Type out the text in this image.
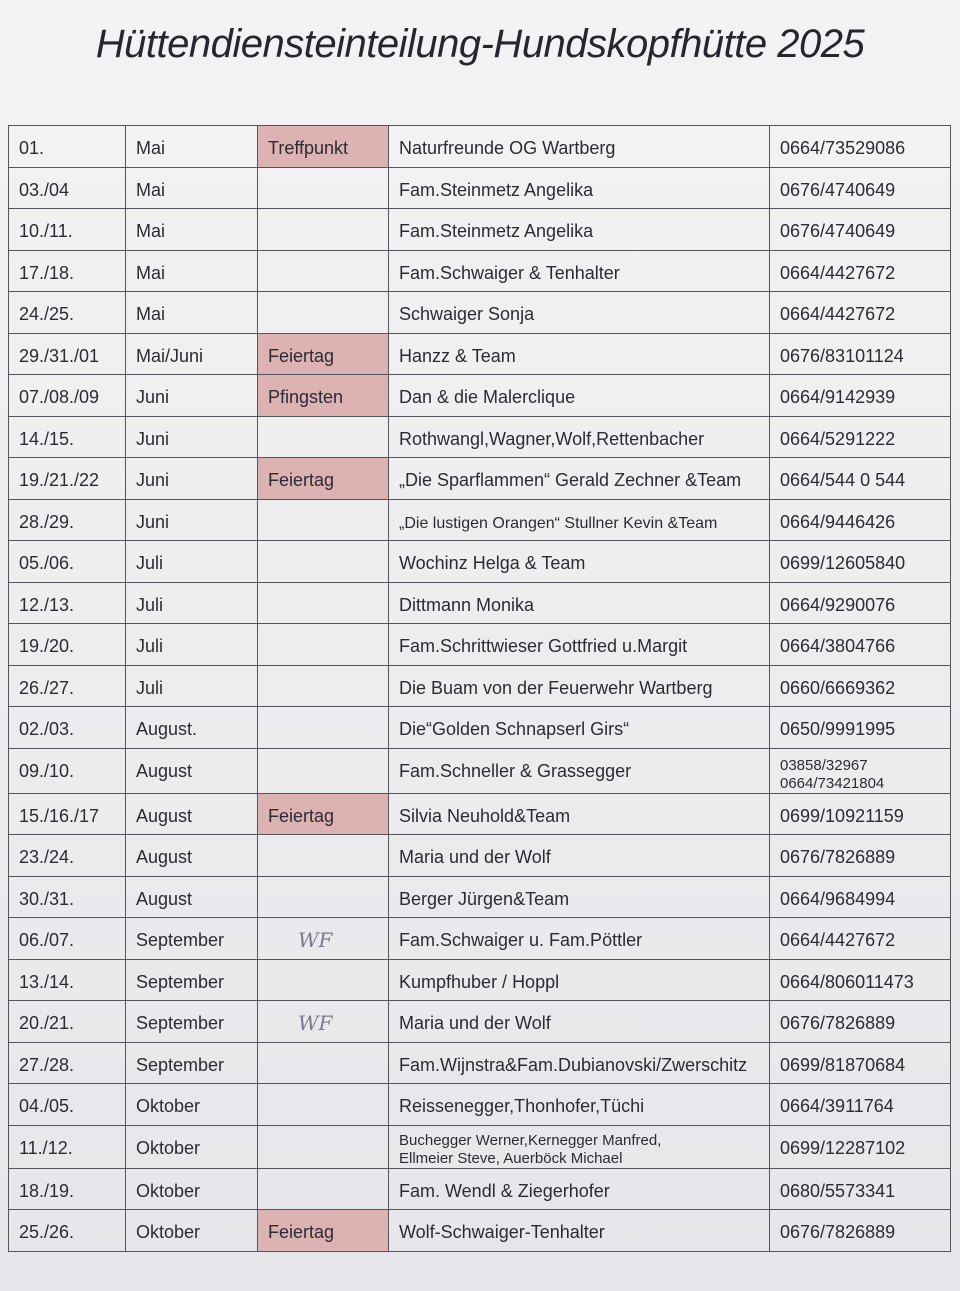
Hüttendiensteinteilung-Hundskopfhütte 2025
01.	Mai	Treffpunkt	Naturfreunde OG Wartberg	0664/73529086
03./04	Mai		Fam.Steinmetz Angelika	0676/4740649
10./11.	Mai		Fam.Steinmetz Angelika	0676/4740649
17./18.	Mai		Fam.Schwaiger & Tenhalter	0664/4427672
24./25.	Mai		Schwaiger Sonja	0664/4427672
29./31./01	Mai/Juni	Feiertag	Hanzz & Team	0676/83101124
07./08./09	Juni	Pfingsten	Dan & die Malerclique	0664/9142939
14./15.	Juni		Rothwangl,Wagner,Wolf,Rettenbacher	0664/5291222
19./21./22	Juni	Feiertag	„Die Sparflammen“ Gerald Zechner &Team	0664/544 0 544
28./29.	Juni		„Die lustigen Orangen“ Stullner Kevin &Team	0664/9446426
05./06.	Juli		Wochinz Helga & Team	0699/12605840
12./13.	Juli		Dittmann Monika	0664/9290076
19./20.	Juli		Fam.Schrittwieser Gottfried u.Margit	0664/3804766
26./27.	Juli		Die Buam von der Feuerwehr Wartberg	0660/6669362
02./03.	August.		Die“Golden Schnapserl Girs“	0650/9991995
09./10.	August		Fam.Schneller & Grassegger	03858/32967
0664/73421804

15./16./17	August	Feiertag	Silvia Neuhold&Team	0699/10921159
23./24.	August		Maria und der Wolf	0676/7826889
30./31.	August		Berger Jürgen&Team	0664/9684994
06./07.	September	WF	Fam.Schwaiger u. Fam.Pöttler	0664/4427672
13./14.	September		Kumpfhuber / Hoppl	0664/806011473
20./21.	September	WF	Maria und der Wolf	0676/7826889
27./28.	September		Fam.Wijnstra&Fam.Dubianovski/Zwerschitz	0699/81870684
04./05.	Oktober		Reissenegger,Thonhofer,Tüchi	0664/3911764
11./12.	Oktober		Buchegger Werner,Kernegger Manfred,
Ellmeier Steve, Auerböck Michael	0699/12287102
18./19.	Oktober		Fam. Wendl & Ziegerhofer	0680/5573341
25./26.	Oktober	Feiertag	Wolf-Schwaiger-Tenhalter	0676/7826889
